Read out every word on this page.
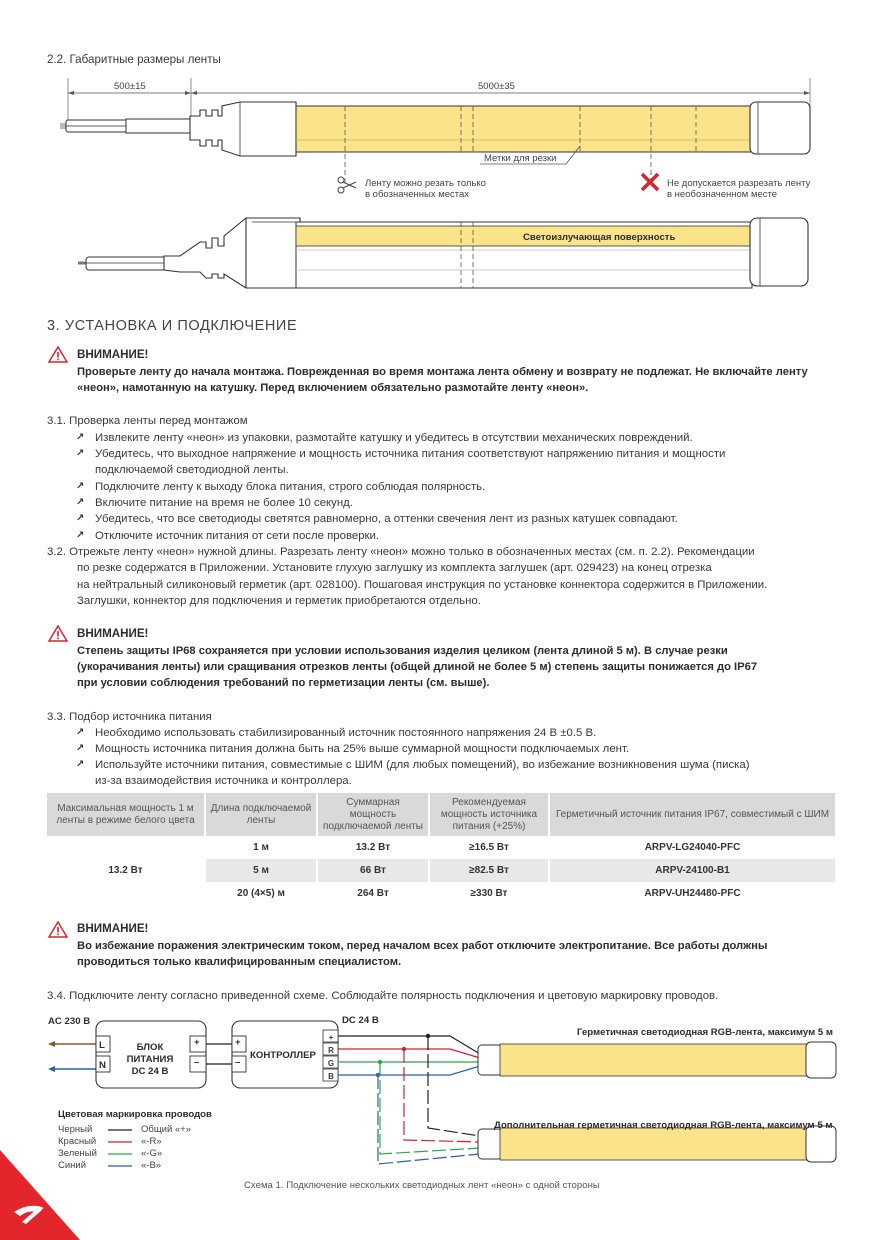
2.2. Габаритные размеры ленты
500±15	5000±35
Метки для резки
Ленту можно резать только
в обозначенных местах
Не допускается разрезать ленту
в необозначенном месте
Светоизлучающая поверхность
3. УСТАНОВКА И ПОДКЛЮЧЕНИЕ
ВНИМАНИЕ!
Проверьте ленту до начала монтажа. Поврежденная во время монтажа лента обмену и возврату не подлежат. Не включайте ленту
«неон», намотанную на катушку. Перед включением обязательно размотайте ленту «неон».
3.1. Проверка ленты перед монтажом
↗ Извлеките ленту «неон» из упаковки, размотайте катушку и убедитесь в отсутствии механических повреждений.
↗ Убедитесь, что выходное напряжение и мощность источника питания соответствуют напряжению питания и мощности
подключаемой светодиодной ленты.
↗ Подключите ленту к выходу блока питания, строго соблюдая полярность.
↗ Включите питание на время не более 10 секунд.
↗ Убедитесь, что все светодиоды светятся равномерно, а оттенки свечения лент из разных катушек совпадают.
↗ Отключите источник питания от сети после проверки.
3.2. Отрежьте ленту «неон» нужной длины. Разрезать ленту «неон» можно только в обозначенных местах (см. п. 2.2). Рекомендации
по резке содержатся в Приложении. Установите глухую заглушку из комплекта заглушек (арт. 029423) на конец отрезка
на нейтральный силиконовый герметик (арт. 028100). Пошаговая инструкция по установке коннектора содержится в Приложении.
Заглушки, коннектор для подключения и герметик приобретаются отдельно.
ВНИМАНИЕ!
Степень защиты IP68 сохраняется при условии использования изделия целиком (лента длиной 5 м). В случае резки
(укорачивания ленты) или сращивания отрезков ленты (общей длиной не более 5 м) степень защиты понижается до IP67
при условии соблюдения требований по герметизации ленты (см. выше).
3.3. Подбор источника питания
↗ Необходимо использовать стабилизированный источник постоянного напряжения 24 В ±0.5 В.
↗ Мощность источника питания должна быть на 25% выше суммарной мощности подключаемых лент.
↗ Используйте источники питания, совместимые с ШИМ (для любых помещений), во избежание возникновения шума (писка)
из-за взаимодействия источника и контроллера.
Максимальная мощность 1 м ленты в режиме белого цвета	Длина подключаемой ленты	Суммарная мощность подключаемой ленты	Рекомендуемая мощность источника питания (+25%)	Герметичный источник питания IP67, совместимый с ШИМ
13.2 Вт	1 м	13.2 Вт	≥16.5 Вт	ARPV-LG24040-PFC
	5 м	66 Вт	≥82.5 Вт	ARPV-24100-B1
	20 (4×5) м	264 Вт	≥330 Вт	ARPV-UH24480-PFC
ВНИМАНИЕ!
Во избежание поражения электрическим током, перед началом всех работ отключите электропитание. Все работы должны
проводиться только квалифицированным специалистом.
3.4. Подключите ленту согласно приведенной схеме. Соблюдайте полярность подключения и цветовую маркировку проводов.
AC 230 В
L
N
БЛОК ПИТАНИЯ
DC 24 В
+
–
+
–
КОНТРОЛЛЕР
DC 24 В
+
R
G
B
Герметичная светодиодная RGB-лента, максимум 5 м
Дополнительная герметичная светодиодная RGB-лента, максимум 5 м
Цветовая маркировка проводов
Черный	Общий «+»
Красный	«-R»
Зеленый	«-G»
Синий	«-B»
Схема 1. Подключение нескольких светодиодных лент «неон» с одной стороны
